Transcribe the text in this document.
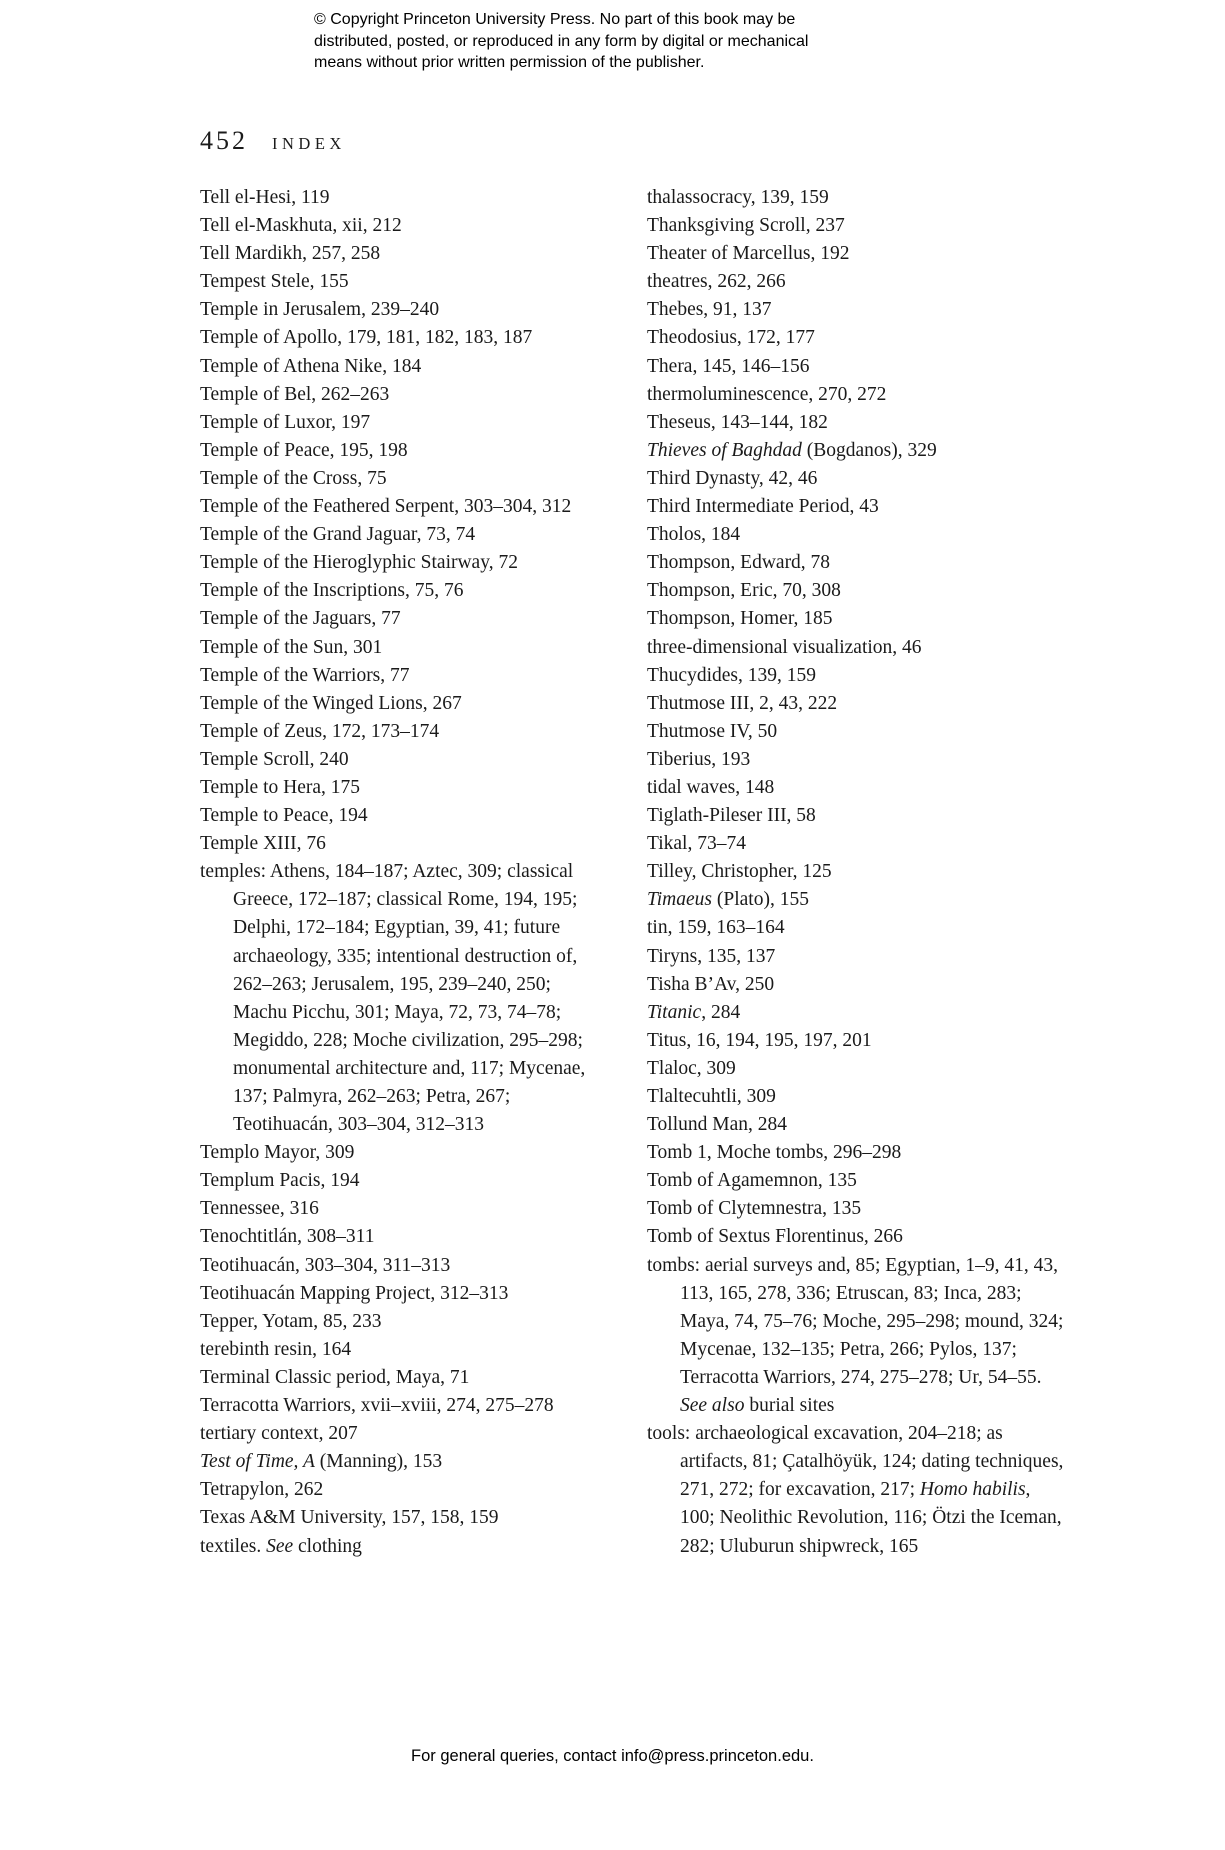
© Copyright Princeton University Press. No part of this book may be
distributed, posted, or reproduced in any form by digital or mechanical
means without prior written permission of the publisher.
452 INDEX
Tell el-Hesi, 119
Tell el-Maskhuta, xii, 212
Tell Mardikh, 257, 258
Tempest Stele, 155
Temple in Jerusalem, 239–240
Temple of Apollo, 179, 181, 182, 183, 187
Temple of Athena Nike, 184
Temple of Bel, 262–263
Temple of Luxor, 197
Temple of Peace, 195, 198
Temple of the Cross, 75
Temple of the Feathered Serpent, 303–304, 312
Temple of the Grand Jaguar, 73, 74
Temple of the Hieroglyphic Stairway, 72
Temple of the Inscriptions, 75, 76
Temple of the Jaguars, 77
Temple of the Sun, 301
Temple of the Warriors, 77
Temple of the Winged Lions, 267
Temple of Zeus, 172, 173–174
Temple Scroll, 240
Temple to Hera, 175
Temple to Peace, 194
Temple XIII, 76
temples: Athens, 184–187; Aztec, 309; classical Greece, 172–187; classical Rome, 194, 195; Delphi, 172–184; Egyptian, 39, 41; future archaeology, 335; intentional destruction of, 262–263; Jerusalem, 195, 239–240, 250; Machu Picchu, 301; Maya, 72, 73, 74–78; Megiddo, 228; Moche civilization, 295–298; monumental architecture and, 117; Mycenae, 137; Palmyra, 262–263; Petra, 267; Teotihuacán, 303–304, 312–313
Templo Mayor, 309
Templum Pacis, 194
Tennessee, 316
Tenochtitlán, 308–311
Teotihuacán, 303–304, 311–313
Teotihuacán Mapping Project, 312–313
Tepper, Yotam, 85, 233
terebinth resin, 164
Terminal Classic period, Maya, 71
Terracotta Warriors, xvii–xviii, 274, 275–278
tertiary context, 207
Test of Time, A (Manning), 153
Tetrapylon, 262
Texas A&M University, 157, 158, 159
textiles. See clothing
thalassocracy, 139, 159
Thanksgiving Scroll, 237
Theater of Marcellus, 192
theatres, 262, 266
Thebes, 91, 137
Theodosius, 172, 177
Thera, 145, 146–156
thermoluminescence, 270, 272
Theseus, 143–144, 182
Thieves of Baghdad (Bogdanos), 329
Third Dynasty, 42, 46
Third Intermediate Period, 43
Tholos, 184
Thompson, Edward, 78
Thompson, Eric, 70, 308
Thompson, Homer, 185
three-dimensional visualization, 46
Thucydides, 139, 159
Thutmose III, 2, 43, 222
Thutmose IV, 50
Tiberius, 193
tidal waves, 148
Tiglath-Pileser III, 58
Tikal, 73–74
Tilley, Christopher, 125
Timaeus (Plato), 155
tin, 159, 163–164
Tiryns, 135, 137
Tisha B’Av, 250
Titanic, 284
Titus, 16, 194, 195, 197, 201
Tlaloc, 309
Tlaltecuhtli, 309
Tollund Man, 284
Tomb 1, Moche tombs, 296–298
Tomb of Agamemnon, 135
Tomb of Clytemnestra, 135
Tomb of Sextus Florentinus, 266
tombs: aerial surveys and, 85; Egyptian, 1–9, 41, 43, 113, 165, 278, 336; Etruscan, 83; Inca, 283; Maya, 74, 75–76; Moche, 295–298; mound, 324; Mycenae, 132–135; Petra, 266; Pylos, 137; Terracotta Warriors, 274, 275–278; Ur, 54–55. See also burial sites
tools: archaeological excavation, 204–218; as artifacts, 81; Çatalhöyük, 124; dating techniques, 271, 272; for excavation, 217; Homo habilis, 100; Neolithic Revolution, 116; Ötzi the Iceman, 282; Uluburun shipwreck, 165
For general queries, contact info@press.princeton.edu.
